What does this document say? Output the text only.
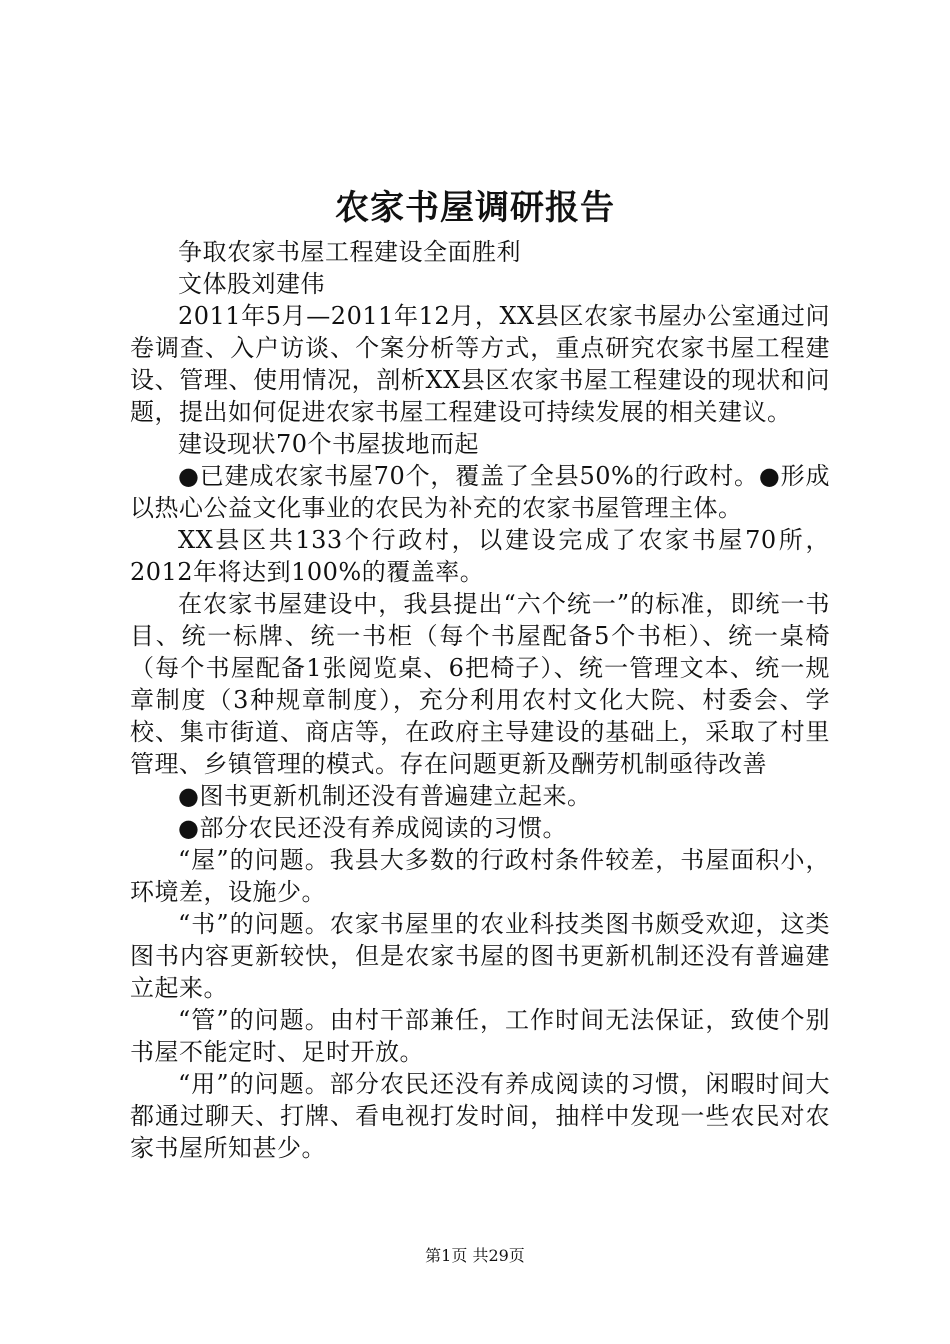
农家书屋调研报告

争取农家书屋工程建设全面胜利

文体股刘建伟

2011年5月—2011年12月，XX县区农家书屋办公室通过问卷调查、入户访谈、个案分析等方式，重点研究农家书屋工程建设、管理、使用情况，剖析XX县区农家书屋工程建设的现状和问题，提出如何促进农家书屋工程建设可持续发展的相关建议。

建设现状70个书屋拔地而起

●已建成农家书屋70个，覆盖了全县50%的行政村。●形成以热心公益文化事业的农民为补充的农家书屋管理主体。

XX县区共133个行政村，以建设完成了农家书屋70所，2012年将达到100%的覆盖率。

在农家书屋建设中，我县提出“六个统一”的标准，即统一书目、统一标牌、统一书柜（每个书屋配备5个书柜）、统一桌椅（每个书屋配备1张阅览桌、6把椅子）、统一管理文本、统一规章制度（3种规章制度），充分利用农村文化大院、村委会、学校、集市街道、商店等，在政府主导建设的基础上，采取了村里管理、乡镇管理的模式。存在问题更新及酬劳机制亟待改善

●图书更新机制还没有普遍建立起来。

●部分农民还没有养成阅读的习惯。

“屋”的问题。我县大多数的行政村条件较差，书屋面积小，环境差，设施少。

“书”的问题。农家书屋里的农业科技类图书颇受欢迎，这类图书内容更新较快，但是农家书屋的图书更新机制还没有普遍建立起来。

“管”的问题。由村干部兼任，工作时间无法保证，致使个别书屋不能定时、足时开放。

“用”的问题。部分农民还没有养成阅读的习惯，闲暇时间大都通过聊天、打牌、看电视打发时间，抽样中发现一些农民对农家书屋所知甚少。

第1页 共29页
